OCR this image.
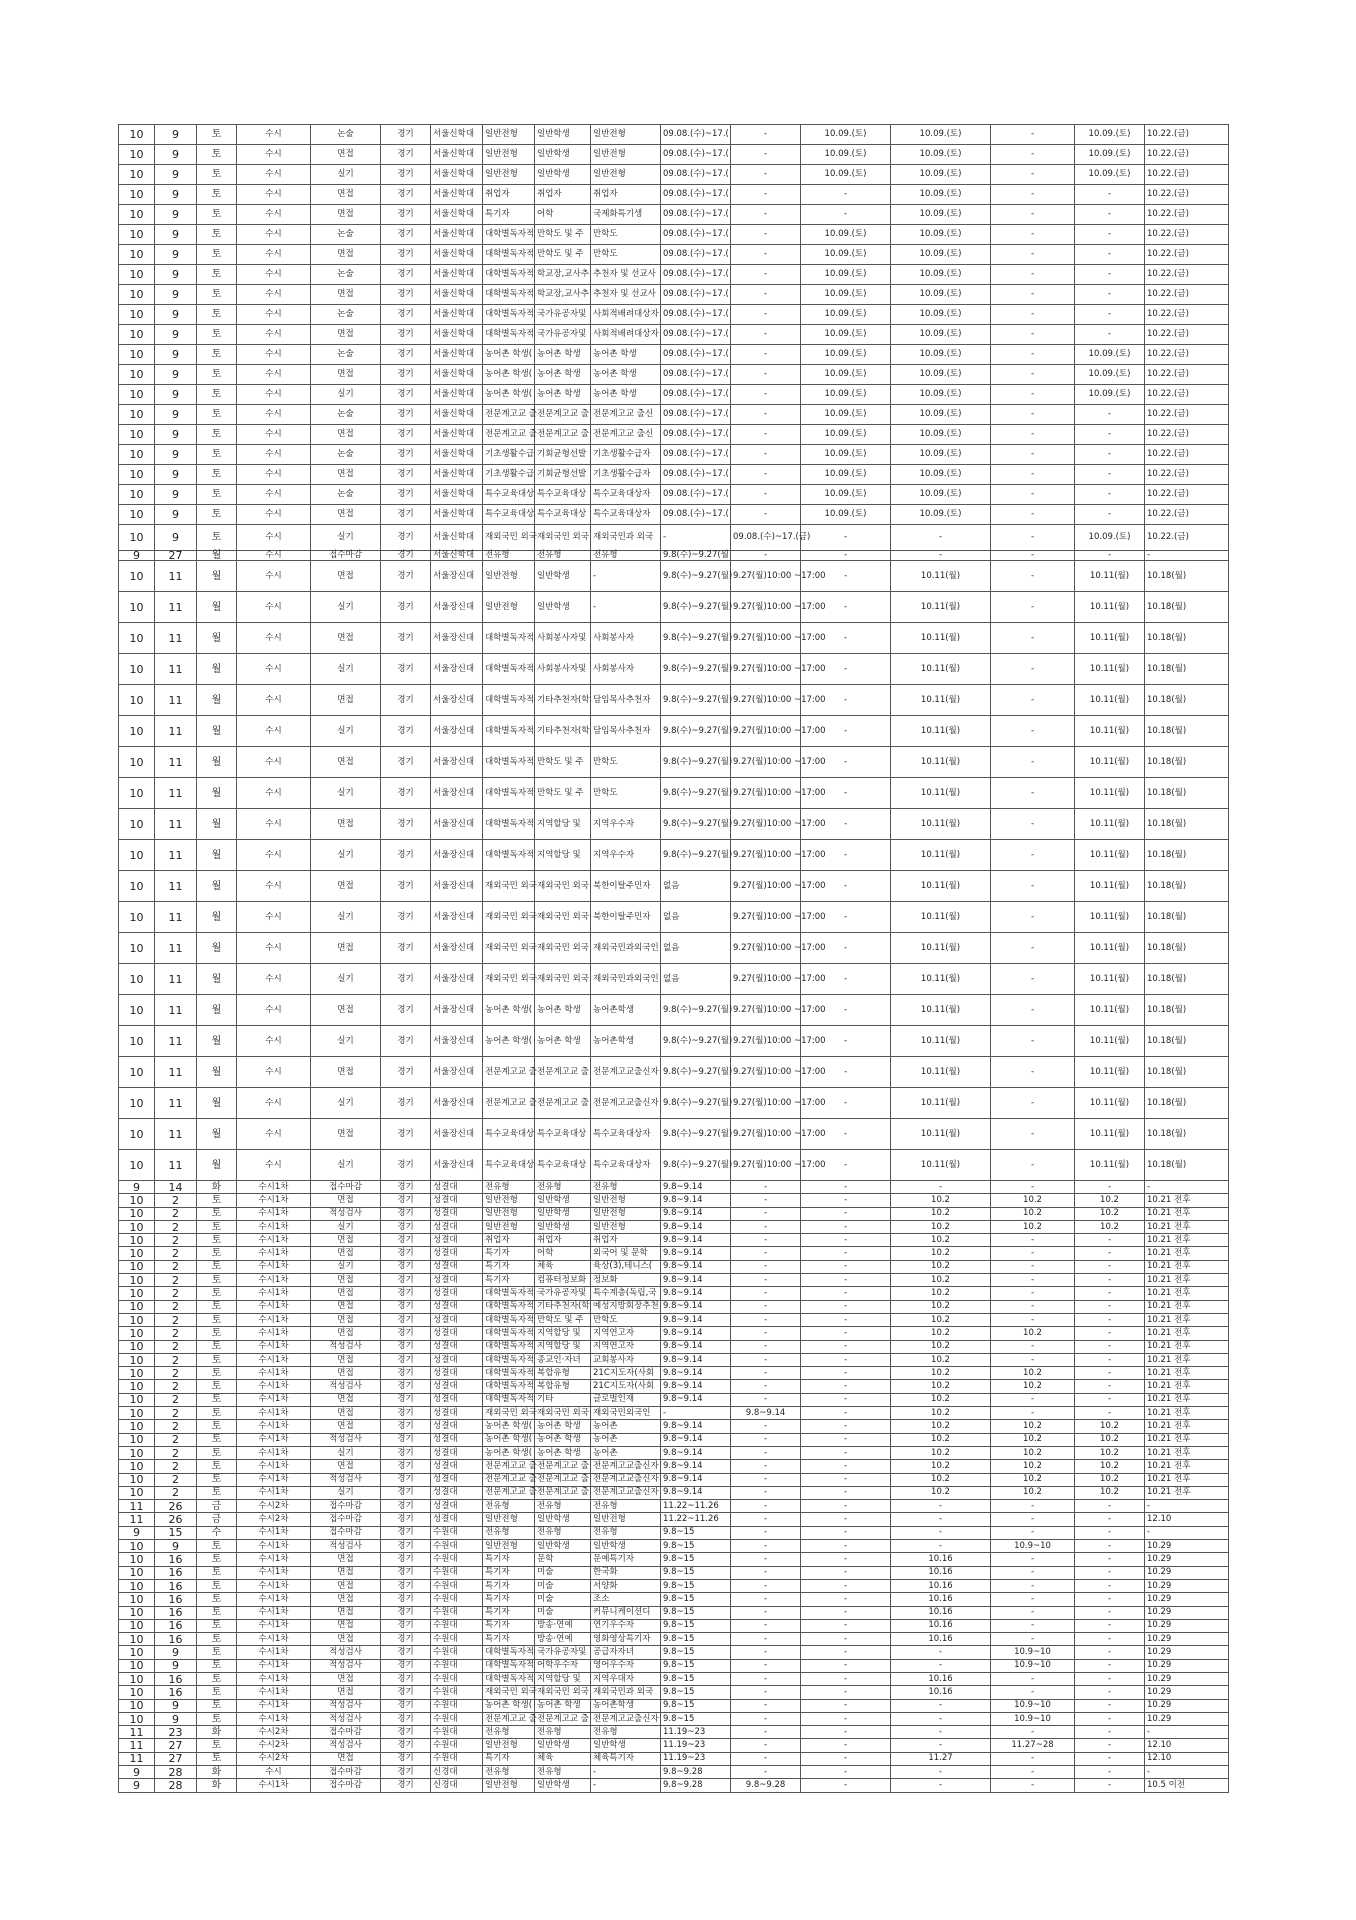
10	9	토	수시	논술	경기	서울신학대	일반전형	일반학생	일반전형	09.08.(수)~17.(	-	10.09.(토)	10.09.(토)	-	10.09.(토)	10.22.(금)
10	9	토	수시	면접	경기	서울신학대	일반전형	일반학생	일반전형	09.08.(수)~17.(	-	10.09.(토)	10.09.(토)	-	10.09.(토)	10.22.(금)
10	9	토	수시	실기	경기	서울신학대	일반전형	일반학생	일반전형	09.08.(수)~17.(	-	10.09.(토)	10.09.(토)	-	10.09.(토)	10.22.(금)
10	9	토	수시	면접	경기	서울신학대	취업자	취업자	취업자	09.08.(수)~17.(	-	-	10.09.(토)	-	-	10.22.(금)
10	9	토	수시	면접	경기	서울신학대	특기자	어학	국제화특기생	09.08.(수)~17.(	-	-	10.09.(토)	-	-	10.22.(금)
10	9	토	수시	논술	경기	서울신학대	대학별독자적	만학도 및 주	만학도	09.08.(수)~17.(	-	10.09.(토)	10.09.(토)	-	-	10.22.(금)
10	9	토	수시	면접	경기	서울신학대	대학별독자적	만학도 및 주	만학도	09.08.(수)~17.(	-	10.09.(토)	10.09.(토)	-	-	10.22.(금)
10	9	토	수시	논술	경기	서울신학대	대학별독자적	학교장,교사추	추천자 및 선교사	09.08.(수)~17.(	-	10.09.(토)	10.09.(토)	-	-	10.22.(금)
10	9	토	수시	면접	경기	서울신학대	대학별독자적	학교장,교사추	추천자 및 선교사	09.08.(수)~17.(	-	10.09.(토)	10.09.(토)	-	-	10.22.(금)
10	9	토	수시	논술	경기	서울신학대	대학별독자적	국가유공자및	사회적배려대상자	09.08.(수)~17.(	-	10.09.(토)	10.09.(토)	-	-	10.22.(금)
10	9	토	수시	면접	경기	서울신학대	대학별독자적	국가유공자및	사회적배려대상자	09.08.(수)~17.(	-	10.09.(토)	10.09.(토)	-	-	10.22.(금)
10	9	토	수시	논술	경기	서울신학대	농어촌 학생(	농어촌 학생	농어촌 학생	09.08.(수)~17.(	-	10.09.(토)	10.09.(토)	-	10.09.(토)	10.22.(금)
10	9	토	수시	면접	경기	서울신학대	농어촌 학생(	농어촌 학생	농어촌 학생	09.08.(수)~17.(	-	10.09.(토)	10.09.(토)	-	10.09.(토)	10.22.(금)
10	9	토	수시	실기	경기	서울신학대	농어촌 학생(	농어촌 학생	농어촌 학생	09.08.(수)~17.(	-	10.09.(토)	10.09.(토)	-	10.09.(토)	10.22.(금)
10	9	토	수시	논술	경기	서울신학대	전문계고교 출	전문계고교 출	전문계고교 출신	09.08.(수)~17.(	-	10.09.(토)	10.09.(토)	-	-	10.22.(금)
10	9	토	수시	면접	경기	서울신학대	전문계고교 출	전문계고교 출	전문계고교 출신	09.08.(수)~17.(	-	10.09.(토)	10.09.(토)	-	-	10.22.(금)
10	9	토	수시	논술	경기	서울신학대	기초생활수급	기회균형선발	기초생활수급자	09.08.(수)~17.(	-	10.09.(토)	10.09.(토)	-	-	10.22.(금)
10	9	토	수시	면접	경기	서울신학대	기초생활수급	기회균형선발	기초생활수급자	09.08.(수)~17.(	-	10.09.(토)	10.09.(토)	-	-	10.22.(금)
10	9	토	수시	논술	경기	서울신학대	특수교육대상	특수교육대상	특수교육대상자	09.08.(수)~17.(	-	10.09.(토)	10.09.(토)	-	-	10.22.(금)
10	9	토	수시	면접	경기	서울신학대	특수교육대상	특수교육대상	특수교육대상자	09.08.(수)~17.(	-	10.09.(토)	10.09.(토)	-	-	10.22.(금)
10	9	토	수시	실기	경기	서울신학대	재외국민 외국	재외국민 외국	재외국민과 외국	-	09.08.(수)~17.(금)	-	-	-	10.09.(토)	10.22.(금)
9	27	월	수시	접수마감	경기	서울신학대	전유형	전유형	전유형	9.8(수)~9.27(월	-	-	-	-	-	-
10	11	월	수시	면접	경기	서울장신대	일반전형	일반학생	-	9.8(수)~9.27(월)	9.27(월)10:00 ~17:00	-	10.11(월)	-	10.11(월)	10.18(월)
10	11	월	수시	실기	경기	서울장신대	일반전형	일반학생	-	9.8(수)~9.27(월)	9.27(월)10:00 ~17:00	-	10.11(월)	-	10.11(월)	10.18(월)
10	11	월	수시	면접	경기	서울장신대	대학별독자적	사회봉사자및	사회봉사자	9.8(수)~9.27(월)	9.27(월)10:00 ~17:00	-	10.11(월)	-	10.11(월)	10.18(월)
10	11	월	수시	실기	경기	서울장신대	대학별독자적	사회봉사자및	사회봉사자	9.8(수)~9.27(월)	9.27(월)10:00 ~17:00	-	10.11(월)	-	10.11(월)	10.18(월)
10	11	월	수시	면접	경기	서울장신대	대학별독자적	기타추천자(학	담임목사추천자	9.8(수)~9.27(월)	9.27(월)10:00 ~17:00	-	10.11(월)	-	10.11(월)	10.18(월)
10	11	월	수시	실기	경기	서울장신대	대학별독자적	기타추천자(학	담임목사추천자	9.8(수)~9.27(월)	9.27(월)10:00 ~17:00	-	10.11(월)	-	10.11(월)	10.18(월)
10	11	월	수시	면접	경기	서울장신대	대학별독자적	만학도 및 주	만학도	9.8(수)~9.27(월)	9.27(월)10:00 ~17:00	-	10.11(월)	-	10.11(월)	10.18(월)
10	11	월	수시	실기	경기	서울장신대	대학별독자적	만학도 및 주	만학도	9.8(수)~9.27(월)	9.27(월)10:00 ~17:00	-	10.11(월)	-	10.11(월)	10.18(월)
10	11	월	수시	면접	경기	서울장신대	대학별독자적	지역할당 및	지역우수자	9.8(수)~9.27(월)	9.27(월)10:00 ~17:00	-	10.11(월)	-	10.11(월)	10.18(월)
10	11	월	수시	실기	경기	서울장신대	대학별독자적	지역할당 및	지역우수자	9.8(수)~9.27(월)	9.27(월)10:00 ~17:00	-	10.11(월)	-	10.11(월)	10.18(월)
10	11	월	수시	면접	경기	서울장신대	재외국민 외국	재외국민 외국	북한이탈주민자	없음	9.27(월)10:00 ~17:00	-	10.11(월)	-	10.11(월)	10.18(월)
10	11	월	수시	실기	경기	서울장신대	재외국민 외국	재외국민 외국	북한이탈주민자	없음	9.27(월)10:00 ~17:00	-	10.11(월)	-	10.11(월)	10.18(월)
10	11	월	수시	면접	경기	서울장신대	재외국민 외국	재외국민 외국	재외국민과외국인	없음	9.27(월)10:00 ~17:00	-	10.11(월)	-	10.11(월)	10.18(월)
10	11	월	수시	실기	경기	서울장신대	재외국민 외국	재외국민 외국	재외국민과외국인	없음	9.27(월)10:00 ~17:00	-	10.11(월)	-	10.11(월)	10.18(월)
10	11	월	수시	면접	경기	서울장신대	농어촌 학생(	농어촌 학생	농어촌학생	9.8(수)~9.27(월)	9.27(월)10:00 ~17:00	-	10.11(월)	-	10.11(월)	10.18(월)
10	11	월	수시	실기	경기	서울장신대	농어촌 학생(	농어촌 학생	농어촌학생	9.8(수)~9.27(월)	9.27(월)10:00 ~17:00	-	10.11(월)	-	10.11(월)	10.18(월)
10	11	월	수시	면접	경기	서울장신대	전문계고교 출	전문계고교 출	전문계고교출신자	9.8(수)~9.27(월)	9.27(월)10:00 ~17:00	-	10.11(월)	-	10.11(월)	10.18(월)
10	11	월	수시	실기	경기	서울장신대	전문계고교 출	전문계고교 출	전문계고교출신자	9.8(수)~9.27(월)	9.27(월)10:00 ~17:00	-	10.11(월)	-	10.11(월)	10.18(월)
10	11	월	수시	면접	경기	서울장신대	특수교육대상	특수교육대상	특수교육대상자	9.8(수)~9.27(월)	9.27(월)10:00 ~17:00	-	10.11(월)	-	10.11(월)	10.18(월)
10	11	월	수시	실기	경기	서울장신대	특수교육대상	특수교육대상	특수교육대상자	9.8(수)~9.27(월)	9.27(월)10:00 ~17:00	-	10.11(월)	-	10.11(월)	10.18(월)
9	14	화	수시1차	접수마감	경기	성결대	전유형	전유형	전유형	9.8~9.14	-	-	-	-	-	-
10	2	토	수시1차	면접	경기	성결대	일반전형	일반학생	일반전형	9.8~9.14	-	-	10.2	10.2	10.2	10.21 전후
10	2	토	수시1차	적성검사	경기	성결대	일반전형	일반학생	일반전형	9.8~9.14	-	-	10.2	10.2	10.2	10.21 전후
10	2	토	수시1차	실기	경기	성결대	일반전형	일반학생	일반전형	9.8~9.14	-	-	10.2	10.2	10.2	10.21 전후
10	2	토	수시1차	면접	경기	성결대	취업자	취업자	취업자	9.8~9.14	-	-	10.2	-	-	10.21 전후
10	2	토	수시1차	면접	경기	성결대	특기자	어학	외국어 및 문학	9.8~9.14	-	-	10.2	-	-	10.21 전후
10	2	토	수시1차	실기	경기	성결대	특기자	체육	육상(3),테니스(	9.8~9.14	-	-	10.2	-	-	10.21 전후
10	2	토	수시1차	면접	경기	성결대	특기자	컴퓨터정보화	정보화	9.8~9.14	-	-	10.2	-	-	10.21 전후
10	2	토	수시1차	면접	경기	성결대	대학별독자적	국가유공자및	특수계층(독립,국	9.8~9.14	-	-	10.2	-	-	10.21 전후
10	2	토	수시1차	면접	경기	성결대	대학별독자적	기타추천자(학	예성지방회장추천	9.8~9.14	-	-	10.2	-	-	10.21 전후
10	2	토	수시1차	면접	경기	성결대	대학별독자적	만학도 및 주	만학도	9.8~9.14	-	-	10.2	-	-	10.21 전후
10	2	토	수시1차	면접	경기	성결대	대학별독자적	지역할당 및	지역연고자	9.8~9.14	-	-	10.2	10.2	-	10.21 전후
10	2	토	수시1차	적성검사	경기	성결대	대학별독자적	지역할당 및	지역연고자	9.8~9.14	-	-	10.2	-	-	10.21 전후
10	2	토	수시1차	면접	경기	성결대	대학별독자적	종교인·자녀	교회봉사자	9.8~9.14	-	-	10.2	-	-	10.21 전후
10	2	토	수시1차	면접	경기	성결대	대학별독자적	복합유형	21C지도자(사회	9.8~9.14	-	-	10.2	10.2	-	10.21 전후
10	2	토	수시1차	적성검사	경기	성결대	대학별독자적	복합유형	21C지도자(사회	9.8~9.14	-	-	10.2	10.2	-	10.21 전후
10	2	토	수시1차	면접	경기	성결대	대학별독자적	기타	글로벌인재	9.8~9.14	-	-	10.2	-	-	10.21 전후
10	2	토	수시1차	면접	경기	성결대	재외국민 외국	재외국민 외국	재외국민외국인	-	9.8~9.14	-	10.2	-	-	10.21 전후
10	2	토	수시1차	면접	경기	성결대	농어촌 학생(	농어촌 학생	농어촌	9.8~9.14	-	-	10.2	10.2	10.2	10.21 전후
10	2	토	수시1차	적성검사	경기	성결대	농어촌 학생(	농어촌 학생	농어촌	9.8~9.14	-	-	10.2	10.2	10.2	10.21 전후
10	2	토	수시1차	실기	경기	성결대	농어촌 학생(	농어촌 학생	농어촌	9.8~9.14	-	-	10.2	10.2	10.2	10.21 전후
10	2	토	수시1차	면접	경기	성결대	전문계고교 출	전문계고교 출	전문계고교출신자	9.8~9.14	-	-	10.2	10.2	10.2	10.21 전후
10	2	토	수시1차	적성검사	경기	성결대	전문계고교 출	전문계고교 출	전문계고교출신자	9.8~9.14	-	-	10.2	10.2	10.2	10.21 전후
10	2	토	수시1차	실기	경기	성결대	전문계고교 출	전문계고교 출	전문계고교출신자	9.8~9.14	-	-	10.2	10.2	10.2	10.21 전후
11	26	금	수시2차	접수마감	경기	성결대	전유형	전유형	전유형	11.22~11.26	-	-	-	-	-	-
11	26	금	수시2차	접수마감	경기	성결대	일반전형	일반학생	일반전형	11.22~11.26	-	-	-	-	-	12.10
9	15	수	수시1차	접수마감	경기	수원대	전유형	전유형	전유형	9.8~15	-	-	-	-	-	-
10	9	토	수시1차	적성검사	경기	수원대	일반전형	일반학생	일반학생	9.8~15	-	-	-	10.9~10	-	10.29
10	16	토	수시1차	면접	경기	수원대	특기자	문학	문예특기자	9.8~15	-	-	10.16	-	-	10.29
10	16	토	수시1차	면접	경기	수원대	특기자	미술	한국화	9.8~15	-	-	10.16	-	-	10.29
10	16	토	수시1차	면접	경기	수원대	특기자	미술	서양화	9.8~15	-	-	10.16	-	-	10.29
10	16	토	수시1차	면접	경기	수원대	특기자	미술	조소	9.8~15	-	-	10.16	-	-	10.29
10	16	토	수시1차	면접	경기	수원대	특기자	미술	커뮤니케이션디	9.8~15	-	-	10.16	-	-	10.29
10	16	토	수시1차	면접	경기	수원대	특기자	방송·연예	연기우수자	9.8~15	-	-	10.16	-	-	10.29
10	16	토	수시1차	면접	경기	수원대	특기자	방송·연예	영화영상특기자	9.8~15	-	-	10.16	-	-	10.29
10	9	토	수시1차	적성검사	경기	수원대	대학별독자적	국가유공자및	공급자자녀	9.8~15	-	-	-	10.9~10	-	10.29
10	9	토	수시1차	적성검사	경기	수원대	대학별독자적	어학우수자	영어우수자	9.8~15	-	-	-	10.9~10	-	10.29
10	16	토	수시1차	면접	경기	수원대	대학별독자적	지역할당 및	지역우대자	9.8~15	-	-	10.16	-	-	10.29
10	16	토	수시1차	면접	경기	수원대	재외국민 외국	재외국민 외국	재외국민과 외국	9.8~15	-	-	10.16	-	-	10.29
10	9	토	수시1차	적성검사	경기	수원대	농어촌 학생(	농어촌 학생	농어촌학생	9.8~15	-	-	-	10.9~10	-	10.29
10	9	토	수시1차	적성검사	경기	수원대	전문계고교 출	전문계고교 출	전문계고교출신자	9.8~15	-	-	-	10.9~10	-	10.29
11	23	화	수시2차	접수마감	경기	수원대	전유형	전유형	전유형	11.19~23	-	-	-	-	-	-
11	27	토	수시2차	적성검사	경기	수원대	일반전형	일반학생	일반학생	11.19~23	-	-	-	11.27~28	-	12.10
11	27	토	수시2차	면접	경기	수원대	특기자	체육	체육특기자	11.19~23	-	-	11.27	-	-	12.10
9	28	화	수시	접수마감	경기	신경대	전유형	전유형	-	9.8~9.28	-	-	-	-	-	-
9	28	화	수시1차	접수마감	경기	신경대	일반전형	일반학생	-	9.8~9.28	9.8~9.28	-	-	-	-	10.5 이전
